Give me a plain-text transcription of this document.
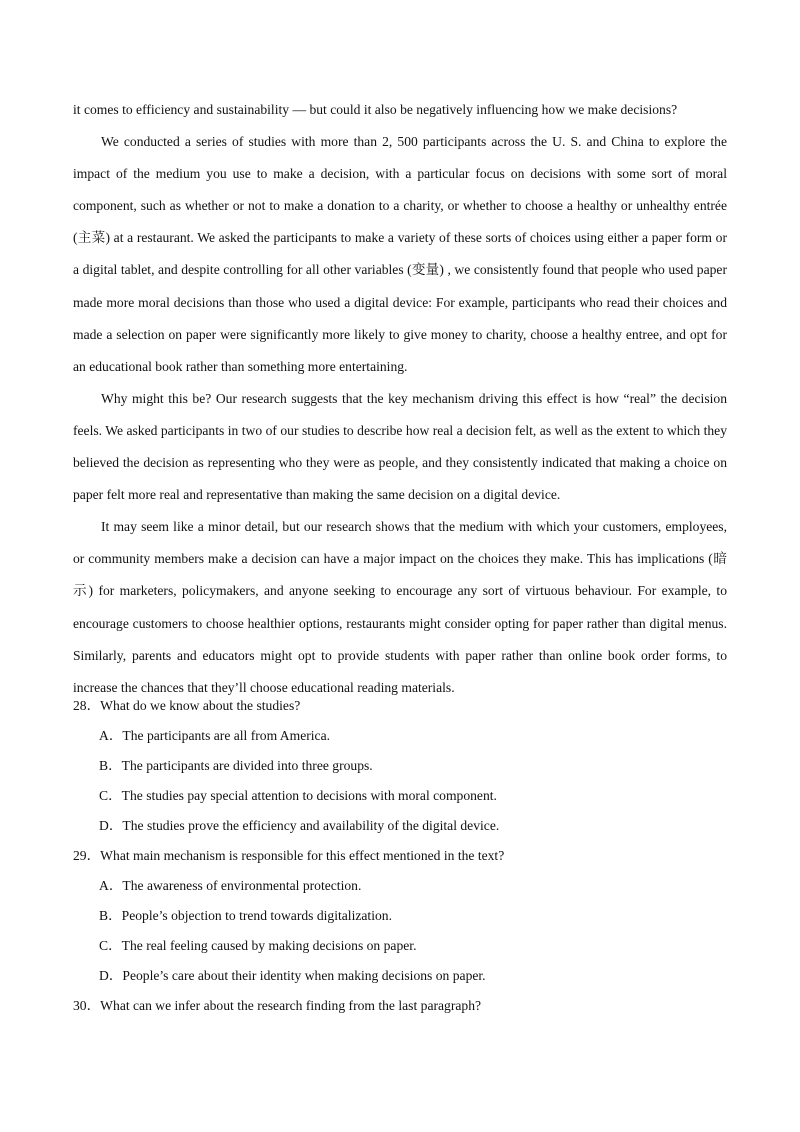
it comes to efficiency and sustainability — but could it also be negatively influencing how we make decisions?

We conducted a series of studies with more than 2, 500 participants across the U. S. and China to explore the impact of the medium you use to make a decision, with a particular focus on decisions with some sort of moral component, such as whether or not to make a donation to a charity, or whether to choose a healthy or unhealthy entrée (主菜) at a restaurant. We asked the participants to make a variety of these sorts of choices using either a paper form or a digital tablet, and despite controlling for all other variables (变量) , we consistently found that people who used paper made more moral decisions than those who used a digital device: For example, participants who read their choices and made a selection on paper were significantly more likely to give money to charity, choose a healthy entree, and opt for an educational book rather than something more entertaining.

Why might this be? Our research suggests that the key mechanism driving this effect is how “real” the decision feels. We asked participants in two of our studies to describe how real a decision felt, as well as the extent to which they believed the decision as representing who they were as people, and they consistently indicated that making a choice on paper felt more real and representative than making the same decision on a digital device.

It may seem like a minor detail, but our research shows that the medium with which your customers, employees, or community members make a decision can have a major impact on the choices they make. This has implications (暗示) for marketers, policymakers, and anyone seeking to encourage any sort of virtuous behaviour. For example, to encourage customers to choose healthier options, restaurants might consider opting for paper rather than digital menus. Similarly, parents and educators might opt to provide students with paper rather than online book order forms, to increase the chances that they’ll choose educational reading materials.

28．What do we know about the studies?
A．The participants are all from America.
B．The participants are divided into three groups.
C．The studies pay special attention to decisions with moral component.
D．The studies prove the efficiency and availability of the digital device.
29．What main mechanism is responsible for this effect mentioned in the text?
A．The awareness of environmental protection.
B．People’s objection to trend towards digitalization.
C．The real feeling caused by making decisions on paper.
D．People’s care about their identity when making decisions on paper.
30．What can we infer about the research finding from the last paragraph?
